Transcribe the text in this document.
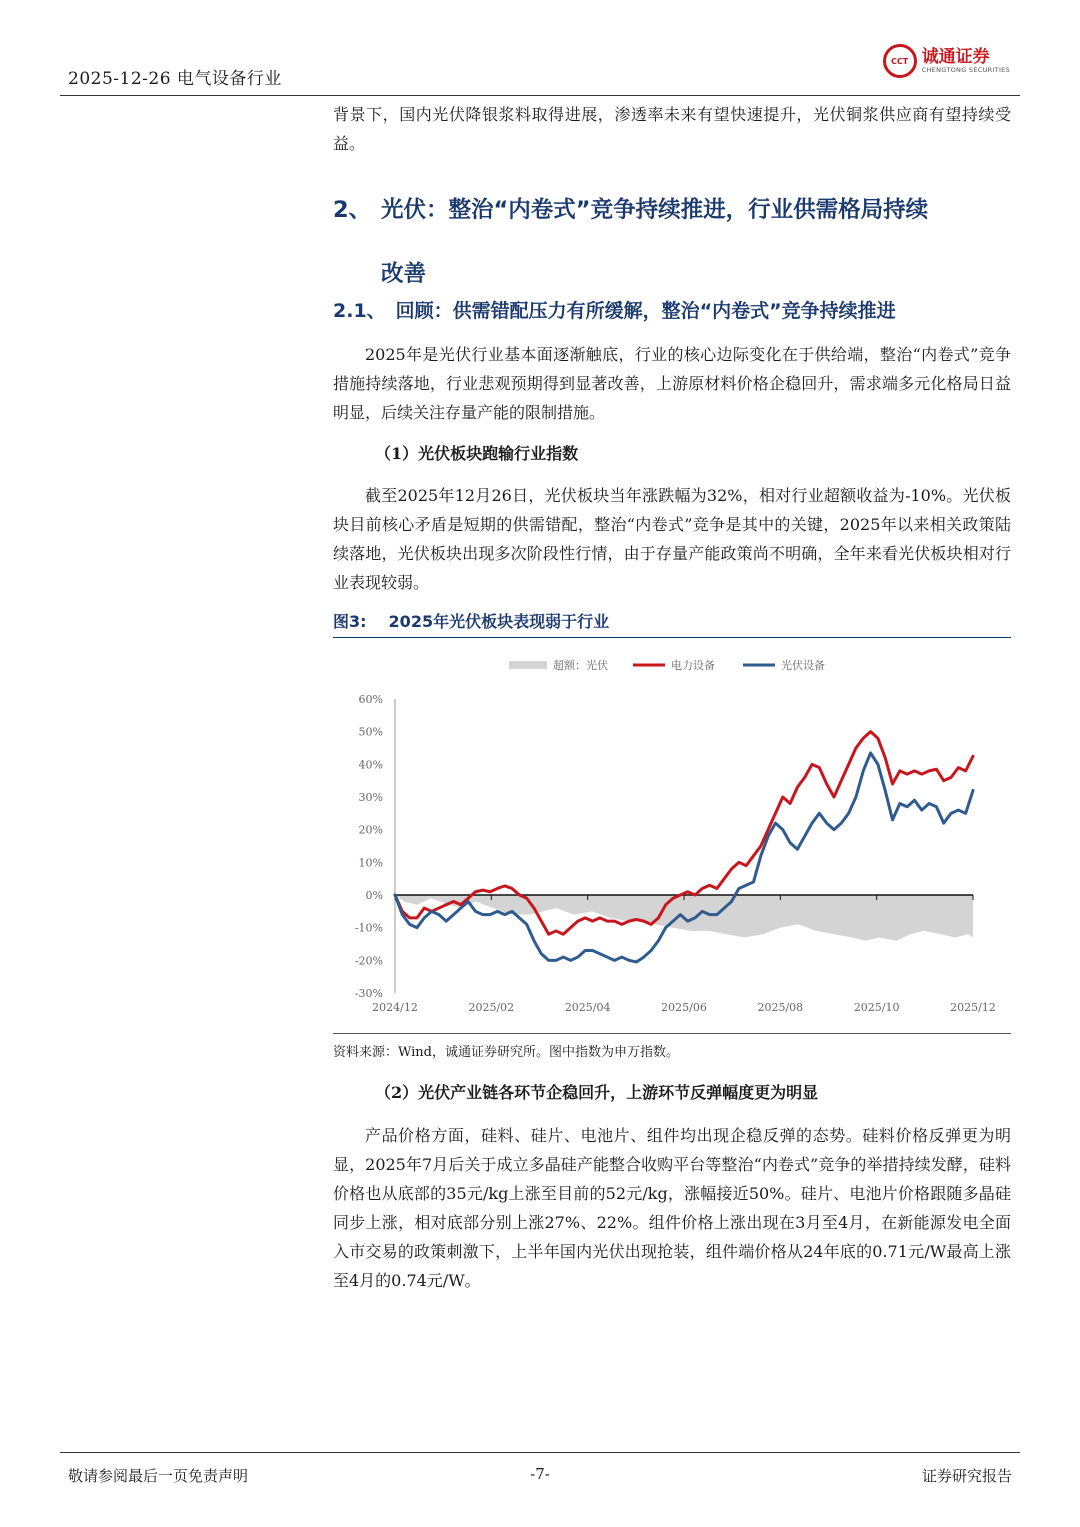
2025-12-26 电气设备行业
CCT 诚通证券
CHENGTONG SECURITIES

背景下，国内光伏降银浆料取得进展，渗透率未来有望快速提升，光伏铜浆供应商有望持续受益。

2、 光伏：整治“内卷式”竞争持续推进，行业供需格局持续
改善
2.1、 回顾：供需错配压力有所缓解，整治“内卷式”竞争持续推进

2025年是光伏行业基本面逐渐触底，行业的核心边际变化在于供给端，整治“内卷式”竞争措施持续落地，行业悲观预期得到显著改善，上游原材料价格企稳回升，需求端多元化格局日益明显，后续关注存量产能的限制措施。

（1）光伏板块跑输行业指数

截至2025年12月26日，光伏板块当年涨跌幅为32%，相对行业超额收益为-10%。光伏板块目前核心矛盾是短期的供需错配，整治“内卷式”竞争是其中的关键，2025年以来相关政策陆续落地，光伏板块出现多次阶段性行情，由于存量产能政策尚不明确，全年来看光伏板块相对行业表现较弱。

图3: 2025年光伏板块表现弱于行业
60%
50%
40%
30%
20%
10%
0%
-10%
-20%
-30%
2024/12	2025/02	2025/04	2025/06	2025/08	2025/10	2025/12
超额：光伏	电力设备	光伏设备
资料来源：Wind，诚通证券研究所。图中指数为申万指数。
（2）光伏产业链各环节企稳回升，上游环节反弹幅度更为明显

产品价格方面，硅料、硅片、电池片、组件均出现企稳反弹的态势。硅料价格反弹更为明显，2025年7月后关于成立多晶硅产能整合收购平台等整治“内卷式”竞争的举措持续发酵，硅料价格也从底部的35元/kg上涨至目前的52元/kg，涨幅接近50%。硅片、电池片价格跟随多晶硅同步上涨，相对底部分别上涨27%、22%。组件价格上涨出现在3月至4月，在新能源发电全面入市交易的政策刺激下，上半年国内光伏出现抢装，组件端价格从24年底的0.71元/W最高上涨至4月的0.74元/W。

敬请参阅最后一页免责声明	-7-	证券研究报告
